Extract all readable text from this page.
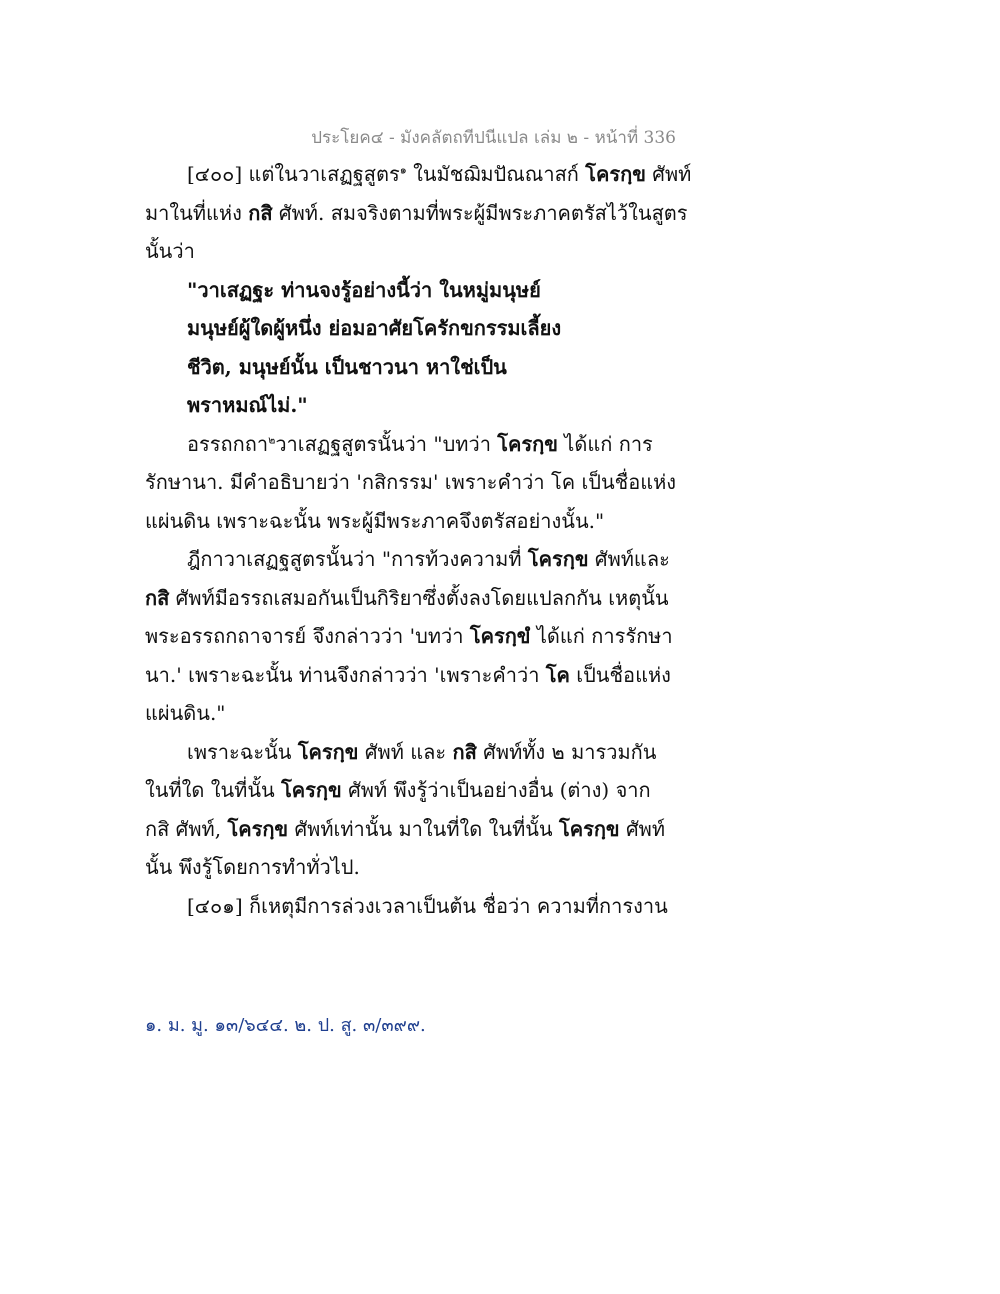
ประโยค๔ - มังคลัตถทีปนีแปล เล่ม ๒ - หน้าที่ 336
[๔๐๐] แต่ในวาเสฏฐสูตร$^๑$ ในมัชฌิมปัณณาสก์ โครกฺข ศัพท์
มาในที่แห่ง กสิ ศัพท์. สมจริงตามที่พระผู้มีพระภาคตรัสไว้ในสูตร
นั้นว่า
"วาเสฏฐะ ท่านจงรู้อย่างนี้ว่า ในหมู่มนุษย์
มนุษย์ผู้ใดผู้หนึ่ง ย่อมอาศัยโครักขกรรมเลี้ยง
ชีวิต, มนุษย์นั้น เป็นชาวนา หาใช่เป็น
พราหมณ์ไม่."
อรรถกถา$^๒$วาเสฏฐสูตรนั้นว่า "บทว่า โครกฺข ได้แก่ การ
รักษานา. มีคำอธิบายว่า 'กสิกรรม' เพราะคำว่า โค เป็นชื่อแห่ง
แผ่นดิน เพราะฉะนั้น พระผู้มีพระภาคจึงตรัสอย่างนั้น."
ฎีกาวาเสฏฐสูตรนั้นว่า "การท้วงความที่ โครกฺข ศัพท์และ
กสิ ศัพท์มีอรรถเสมอกันเป็นกิริยาซึ่งตั้งลงโดยแปลกกัน เหตุนั้น
พระอรรถกถาจารย์ จึงกล่าวว่า 'บทว่า โครกฺขํ ได้แก่ การรักษา
นา.' เพราะฉะนั้น ท่านจึงกล่าวว่า 'เพราะคำว่า โค เป็นชื่อแห่ง
แผ่นดิน."
เพราะฉะนั้น โครกฺข ศัพท์ และ กสิ ศัพท์ทั้ง ๒ มารวมกัน
ในที่ใด ในที่นั้น โครกฺข ศัพท์ พึงรู้ว่าเป็นอย่างอื่น (ต่าง) จาก
กสิ ศัพท์, โครกฺข ศัพท์เท่านั้น มาในที่ใด ในที่นั้น โครกฺข ศัพท์
นั้น พึงรู้โดยการทำทั่วไป.
[๔๐๑] ก็เหตุมีการล่วงเวลาเป็นต้น ชื่อว่า ความที่การงาน
๑. ม. มู. ๑๓/๖๔๔. ๒. ป. สู. ๓/๓๙๙.
